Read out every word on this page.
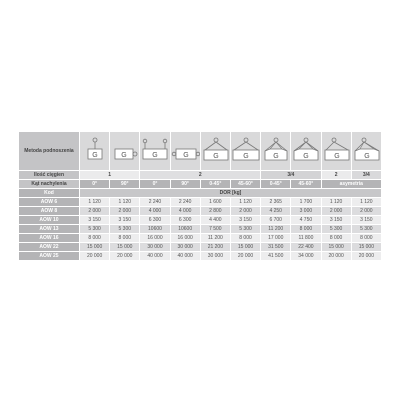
Metoda podnoszenia	G	G	G	G	G	G	G	G	G	G

Ilość cięgien	1		2				3/4		2	3/4
Kąt nachylenia	0°	90°	0°	90°	0-45°	45-60°	0-45°	45-60°	asymetria	
Kod	DOR [kg]									
AOW 6	1 120	1 120	2 240	2 240	1 600	1 120	2 365	1 700	1 120	1 120
AOW 8	2 000	2 000	4 000	4 000	2 800	2 000	4 250	3 000	2 000	2 000
AOW 10	3 150	3 150	6 300	6 300	4 400	3 150	6 700	4 750	3 150	3 150
AOW 13	5 300	5 300	10600	10600	7 500	5 300	11 200	8 000	5 300	5 300
AOW 16	8 000	8 000	16 000	16 000	11 200	8 000	17 000	11 800	8 000	8 000
AOW 22	15 000	15 000	30 000	30 000	21 200	15 000	31 500	22 400	15 000	15 000
AOW 25	20 000	20 000	40 000	40 000	30 000	20 000	41 500	34 000	20 000	20 000
